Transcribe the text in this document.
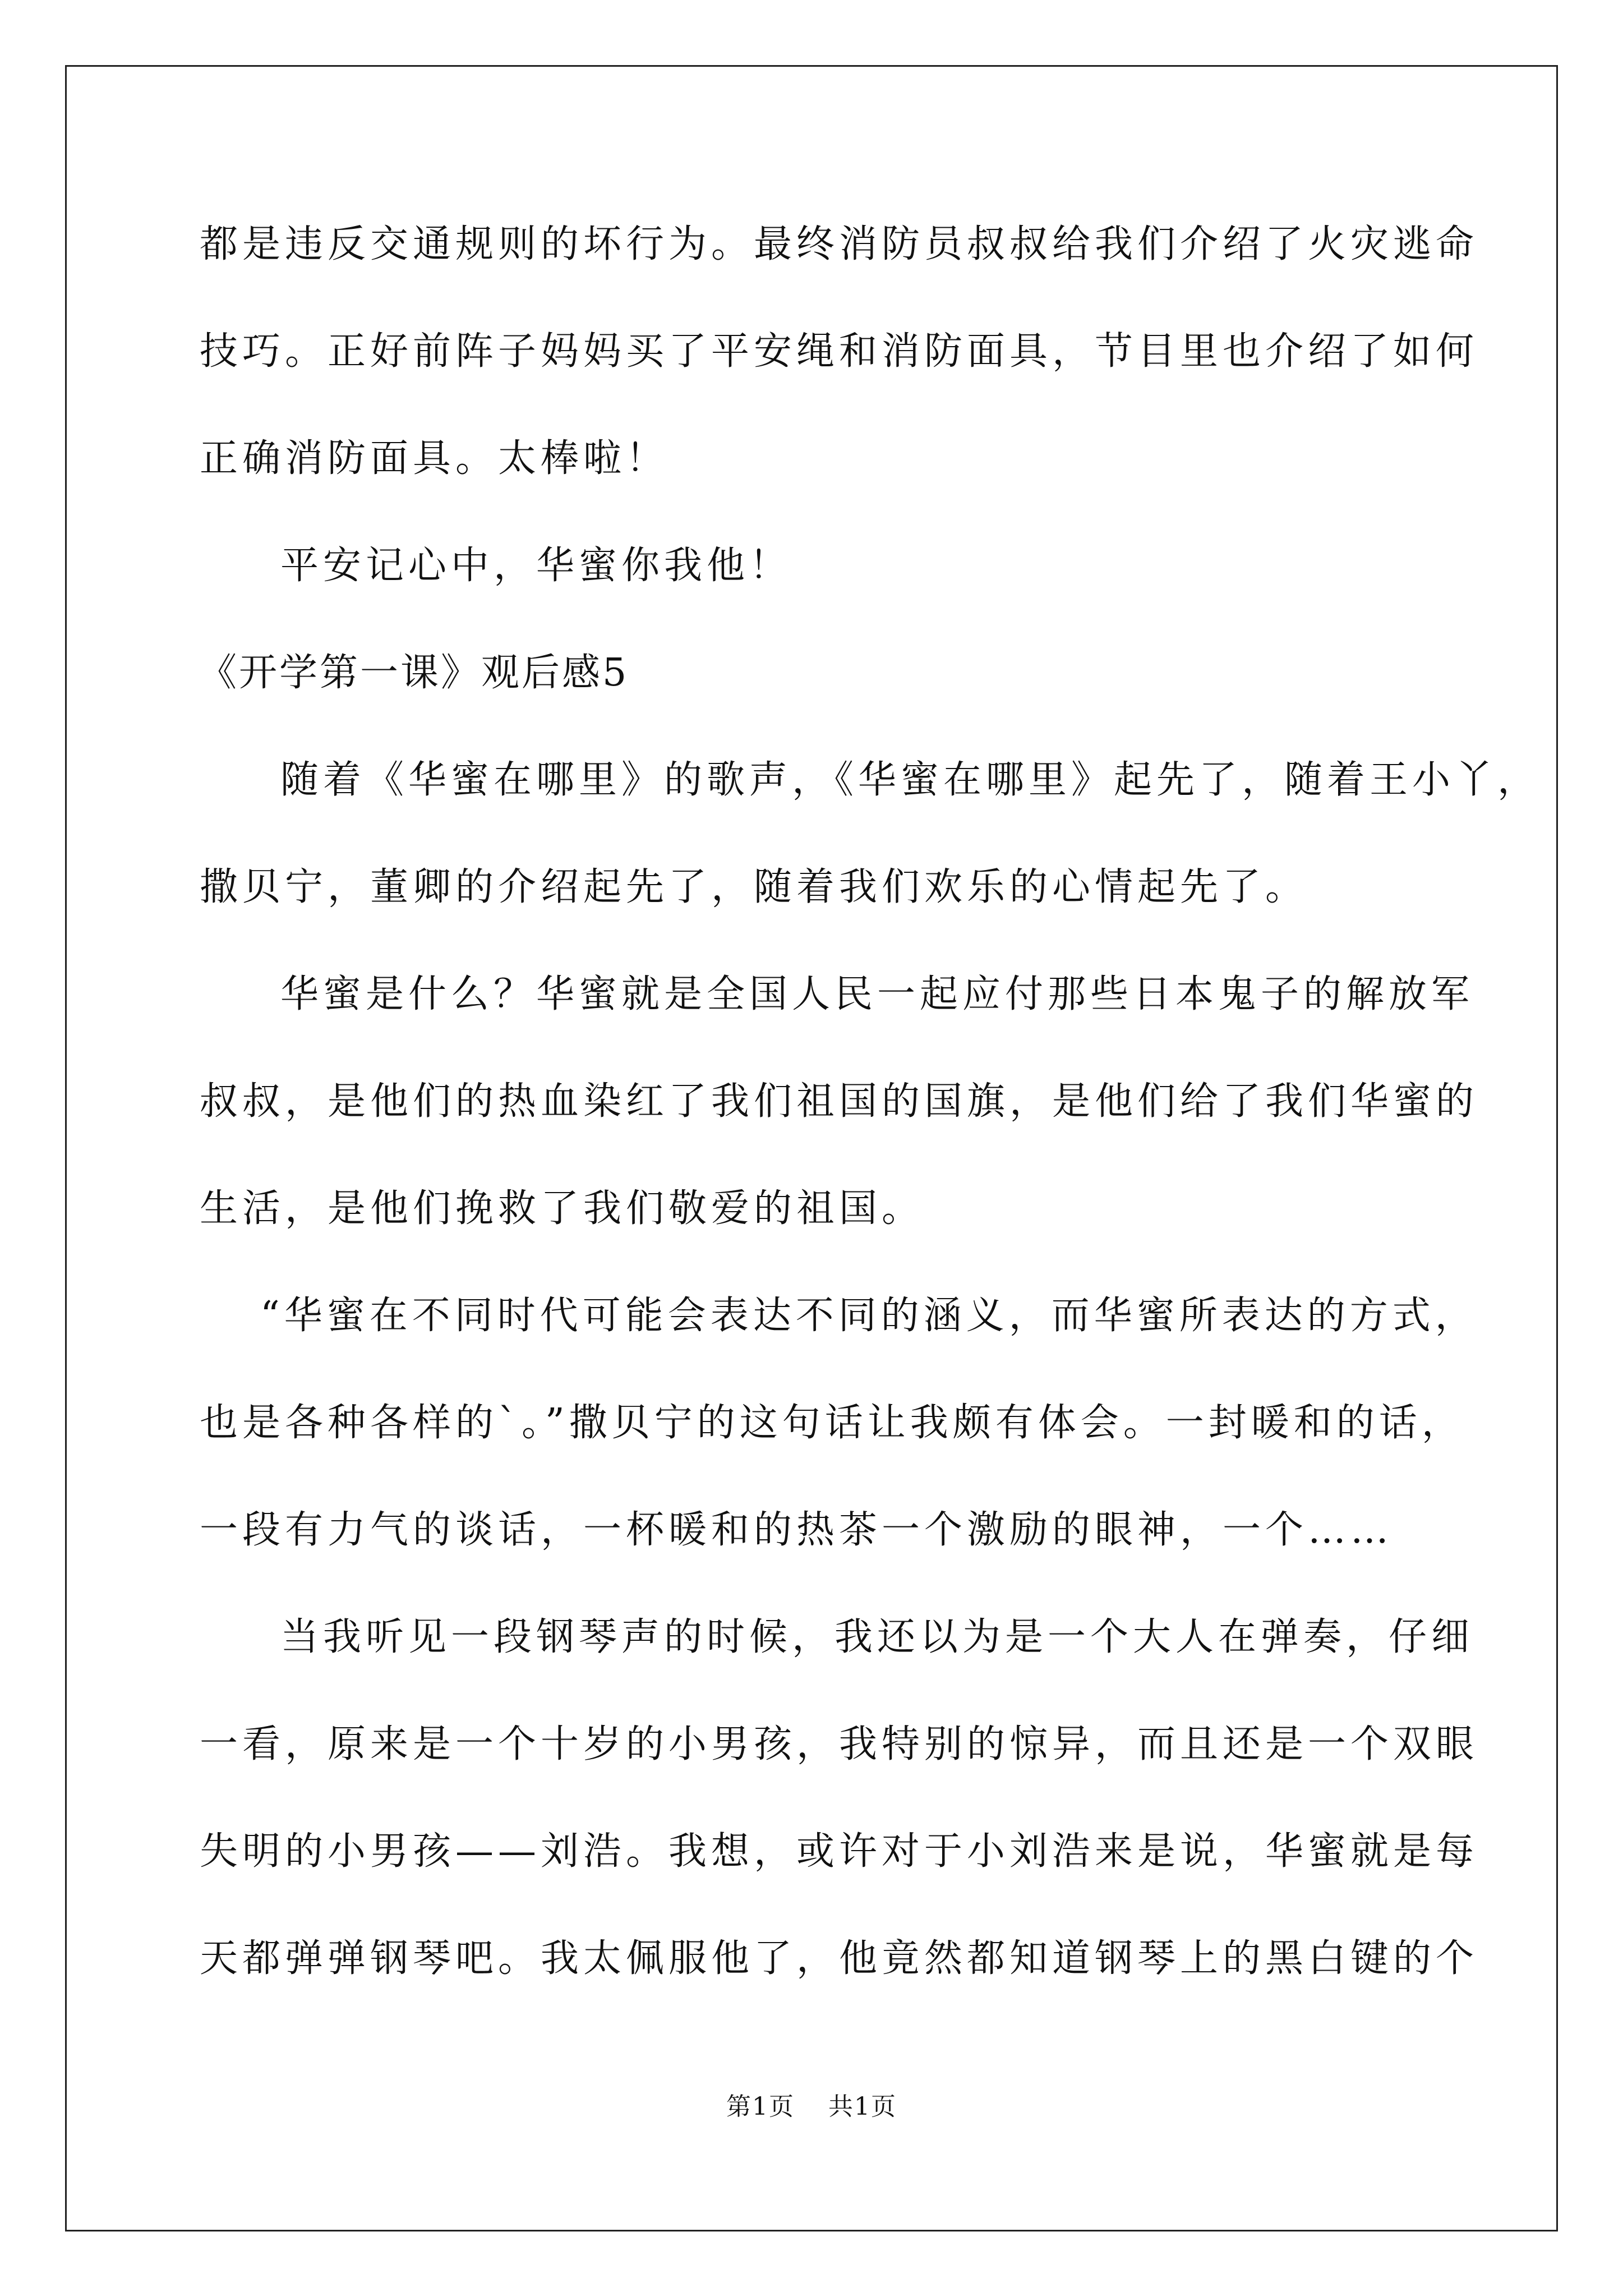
都是违反交通规则的坏行为。最终消防员叔叔给我们介绍了火灾逃命
技巧。正好前阵子妈妈买了平安绳和消防面具，节目里也介绍了如何
正确消防面具。太棒啦！
平安记心中，华蜜你我他！
《开学第一课》观后感5
随着《华蜜在哪里》的歌声，《华蜜在哪里》起先了，随着王小丫，
撒贝宁，董卿的介绍起先了，随着我们欢乐的心情起先了。
华蜜是什么？华蜜就是全国人民一起应付那些日本鬼子的解放军
叔叔，是他们的热血染红了我们祖国的国旗，是他们给了我们华蜜的
生活，是他们挽救了我们敬爱的祖国。
“华蜜在不同时代可能会表达不同的涵义，而华蜜所表达的方式，
也是各种各样的`。”撒贝宁的这句话让我颇有体会。一封暖和的话，
一段有力气的谈话，一杯暖和的热茶一个激励的眼神，一个……
当我听见一段钢琴声的时候，我还以为是一个大人在弹奏，仔细
一看，原来是一个十岁的小男孩，我特别的惊异，而且还是一个双眼
失明的小男孩——刘浩。我想，或许对于小刘浩来是说，华蜜就是每
天都弹弹钢琴吧。我太佩服他了，他竟然都知道钢琴上的黑白键的个
第1页 共1页
